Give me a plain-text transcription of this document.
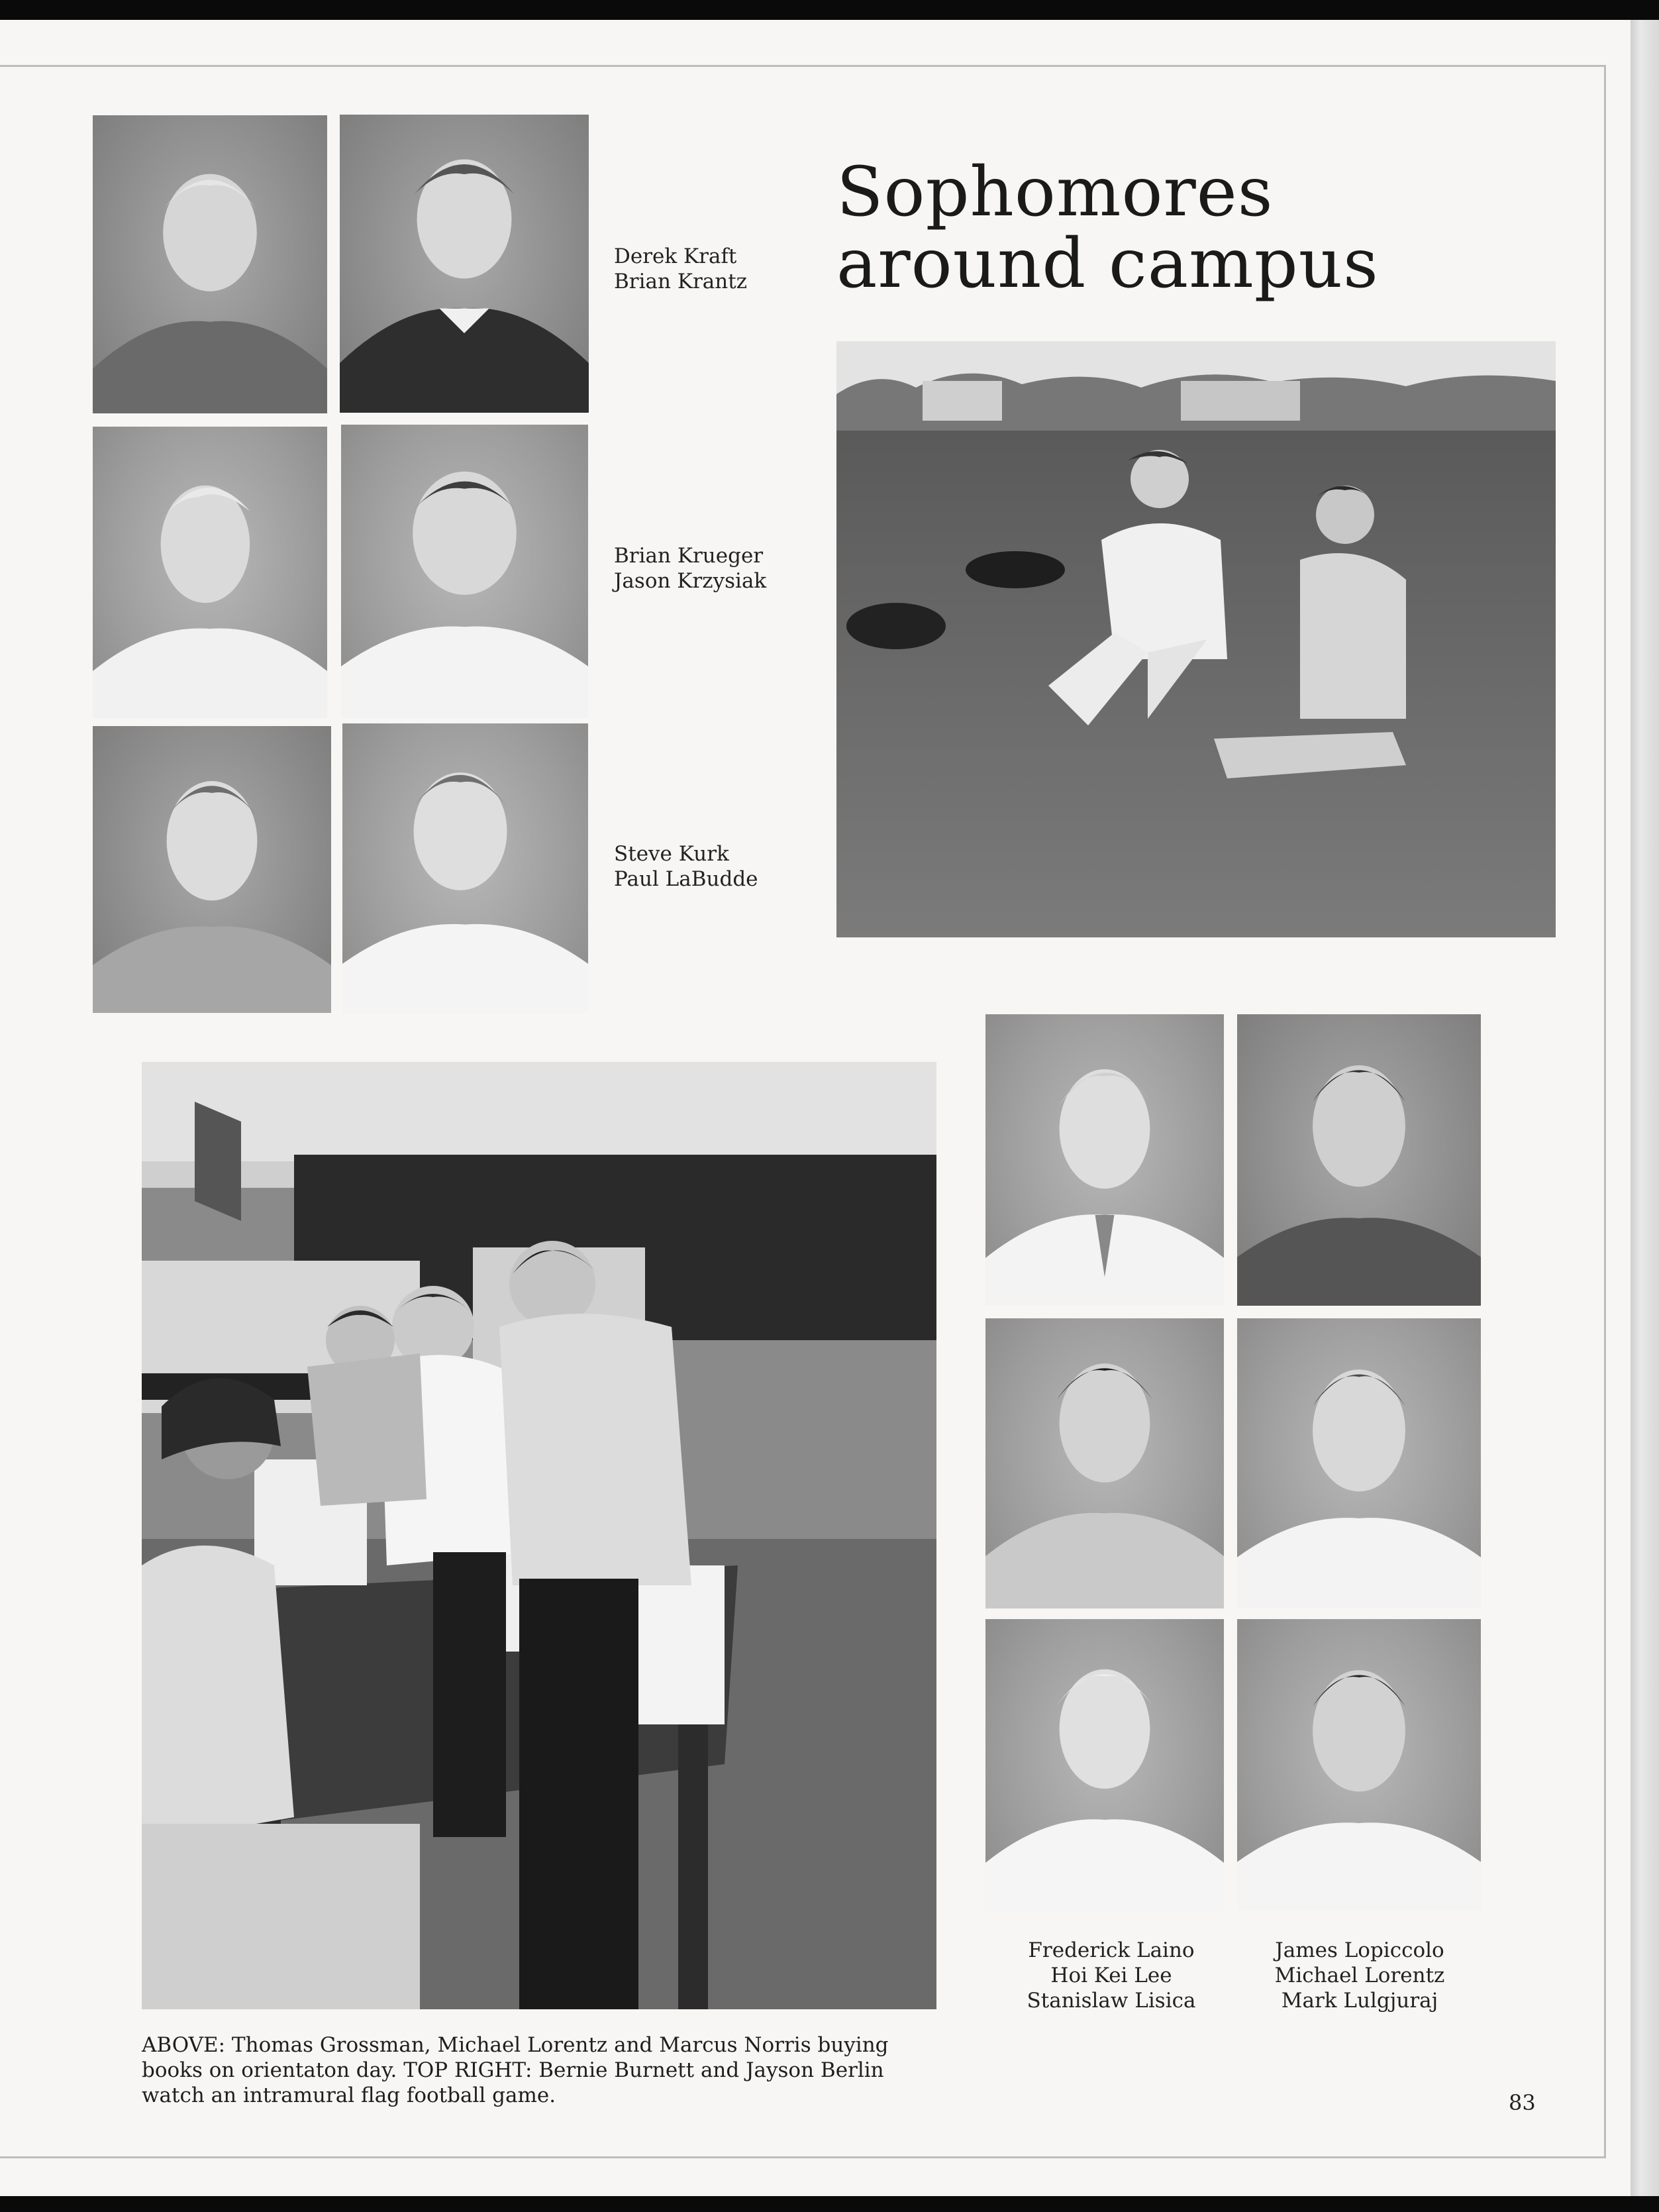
Derek Kraft
Brian Krantz
Brian Krueger
Jason Krzysiak
Steve Kurk
Paul LaBudde
Sophomores
around campus
Frederick Laino
Hoi Kei Lee
Stanislaw Lisica
James Lopiccolo
Michael Lorentz
Mark Lulgjuraj
ABOVE: Thomas Grossman, Michael Lorentz and Marcus Norris buying books on orientaton day. TOP RIGHT: Bernie Burnett and Jayson Berlin watch an intramural flag football game.	83
